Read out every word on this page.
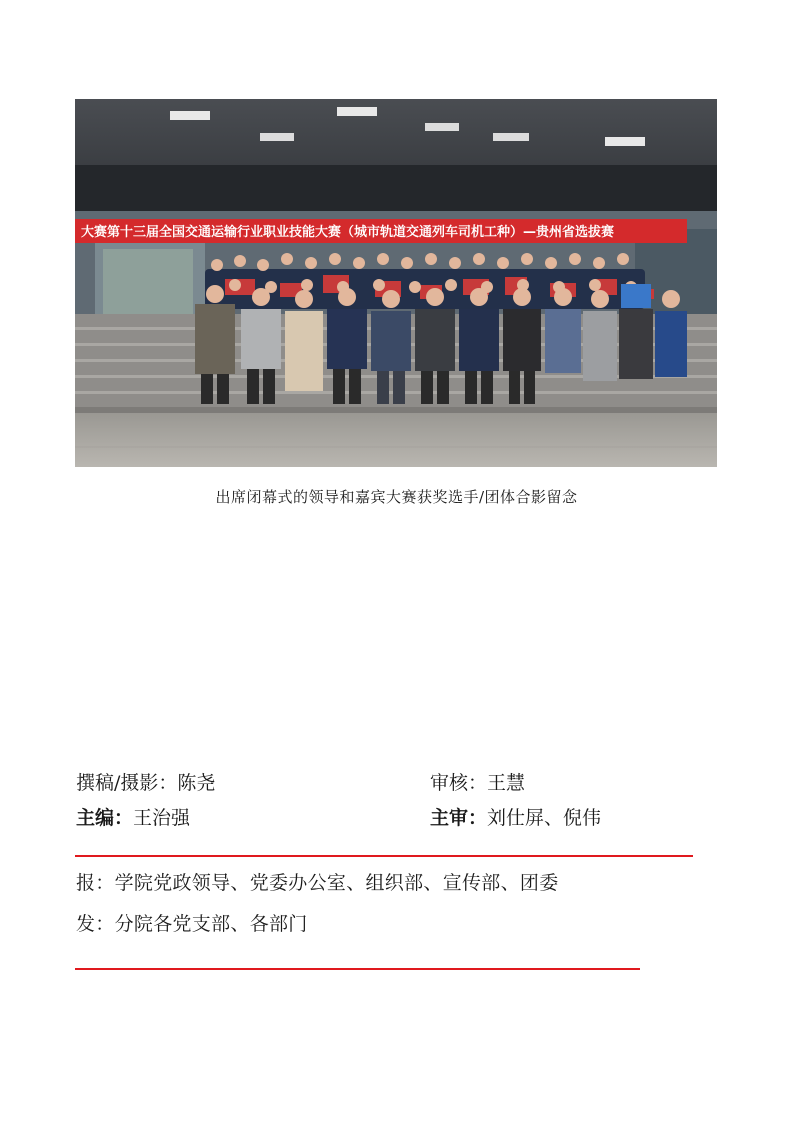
大赛第十三届全国交通运输行业职业技能大赛（城市轨道交通列车司机工种）—贵州省选拔赛
出席闭幕式的领导和嘉宾大赛获奖选手/团体合影留念
撰稿/摄影：陈尧	审核：王慧
主编：王治强	主审：刘仕屏、倪伟
报：学院党政领导、党委办公室、组织部、宣传部、团委
发：分院各党支部、各部门
